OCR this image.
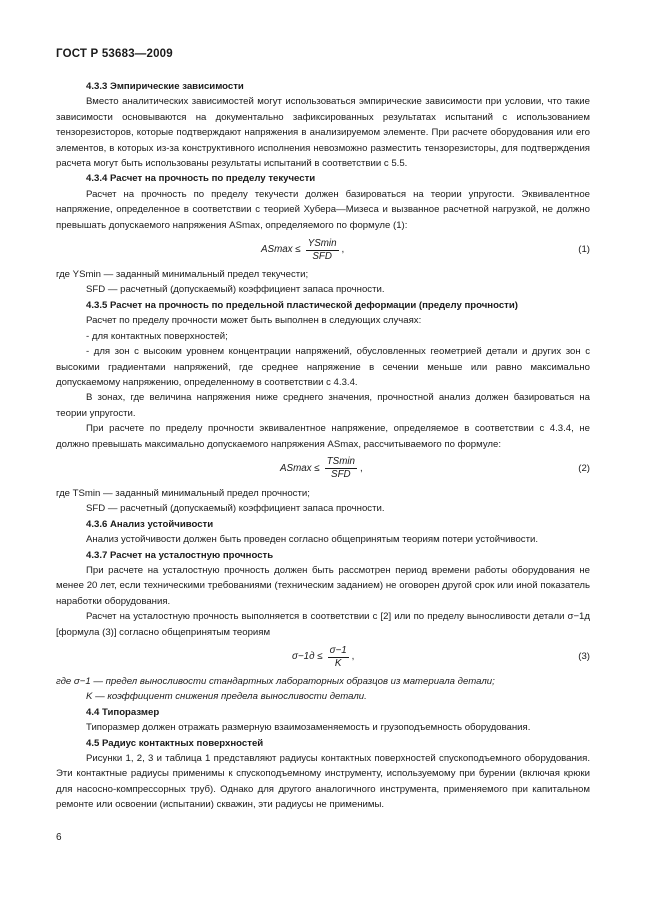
ГОСТ Р 53683—2009

4.3.3 Эмпирические зависимости

Вместо аналитических зависимостей могут использоваться эмпирические зависимости при условии, что такие зависимости основываются на документально зафиксированных результатах испытаний с использованием тензорезисторов, которые подтверждают напряжения в анализируемом элементе. При расчете оборудования или его элементов, в которых из-за конструктивного исполнения невозможно разместить тензорезисторы, для подтверждения расчета могут быть использованы результаты испытаний в соответствии с 5.5.

4.3.4 Расчет на прочность по пределу текучести

Расчет на прочность по пределу текучести должен базироваться на теории упругости. Эквивалентное напряжение, определенное в соответствии с теорией Хубера—Мизеса и вызванное расчетной нагрузкой, не должно превышать допускаемого напряжения ASmax, определяемого по формуле (1):

$ASmax \le \frac{YSmin}{\text{SFD}}$ ,	(1)

где YSmin — заданный минимальный предел текучести;

SFD — расчетный (допускаемый) коэффициент запаса прочности.

4.3.5 Расчет на прочность по предельной пластической деформации (пределу прочности)

Расчет по пределу прочности может быть выполнен в следующих случаях:

- для контактных поверхностей;

- для зон с высоким уровнем концентрации напряжений, обусловленных геометрией детали и других зон с высокими градиентами напряжений, где среднее напряжение в сечении меньше или равно максимально допускаемому напряжению, определенному в соответствии с 4.3.4.

В зонах, где величина напряжения ниже среднего значения, прочностной анализ должен базироваться на теории упругости.

При расчете по пределу прочности эквивалентное напряжение, определяемое в соответствии с 4.3.4, не должно превышать максимально допускаемого напряжения ASmax, рассчитываемого по формуле:

$ASmax \le \frac{TSmin}{\text{SFD}}$ ,	(2)

где TSmin — заданный минимальный предел прочности;

SFD — расчетный (допускаемый) коэффициент запаса прочности.

4.3.6 Анализ устойчивости

Анализ устойчивости должен быть проведен согласно общепринятым теориям потери устойчивости.

4.3.7 Расчет на усталостную прочность

При расчете на усталостную прочность должен быть рассмотрен период времени работы оборудования не менее 20 лет, если техническими требованиями (техническим заданием) не оговорен другой срок или иной показатель наработки оборудования.

Расчет на усталостную прочность выполняется в соответствии с [2] или по пределу выносливости детали σ−1д [формула (3)] согласно общепринятым теориям

$\sigma-1д \le \frac{\sigma-1}{K}$ ,	(3)

где σ−1 — предел выносливости стандартных лабораторных образцов из материала детали;

K — коэффициент снижения предела выносливости детали.

4.4 Типоразмер

Типоразмер должен отражать размерную взаимозаменяемость и грузоподъемность оборудования.

4.5 Радиус контактных поверхностей

Рисунки 1, 2, 3 и таблица 1 представляют радиусы контактных поверхностей спускоподъемного оборудования. Эти контактные радиусы применимы к спускоподъемному инструменту, используемому при бурении (включая крюки для насосно-компрессорных труб). Однако для другого аналогичного инструмента, применяемого при капитальном ремонте или освоении (испытании) скважин, эти радиусы не применимы.

6
